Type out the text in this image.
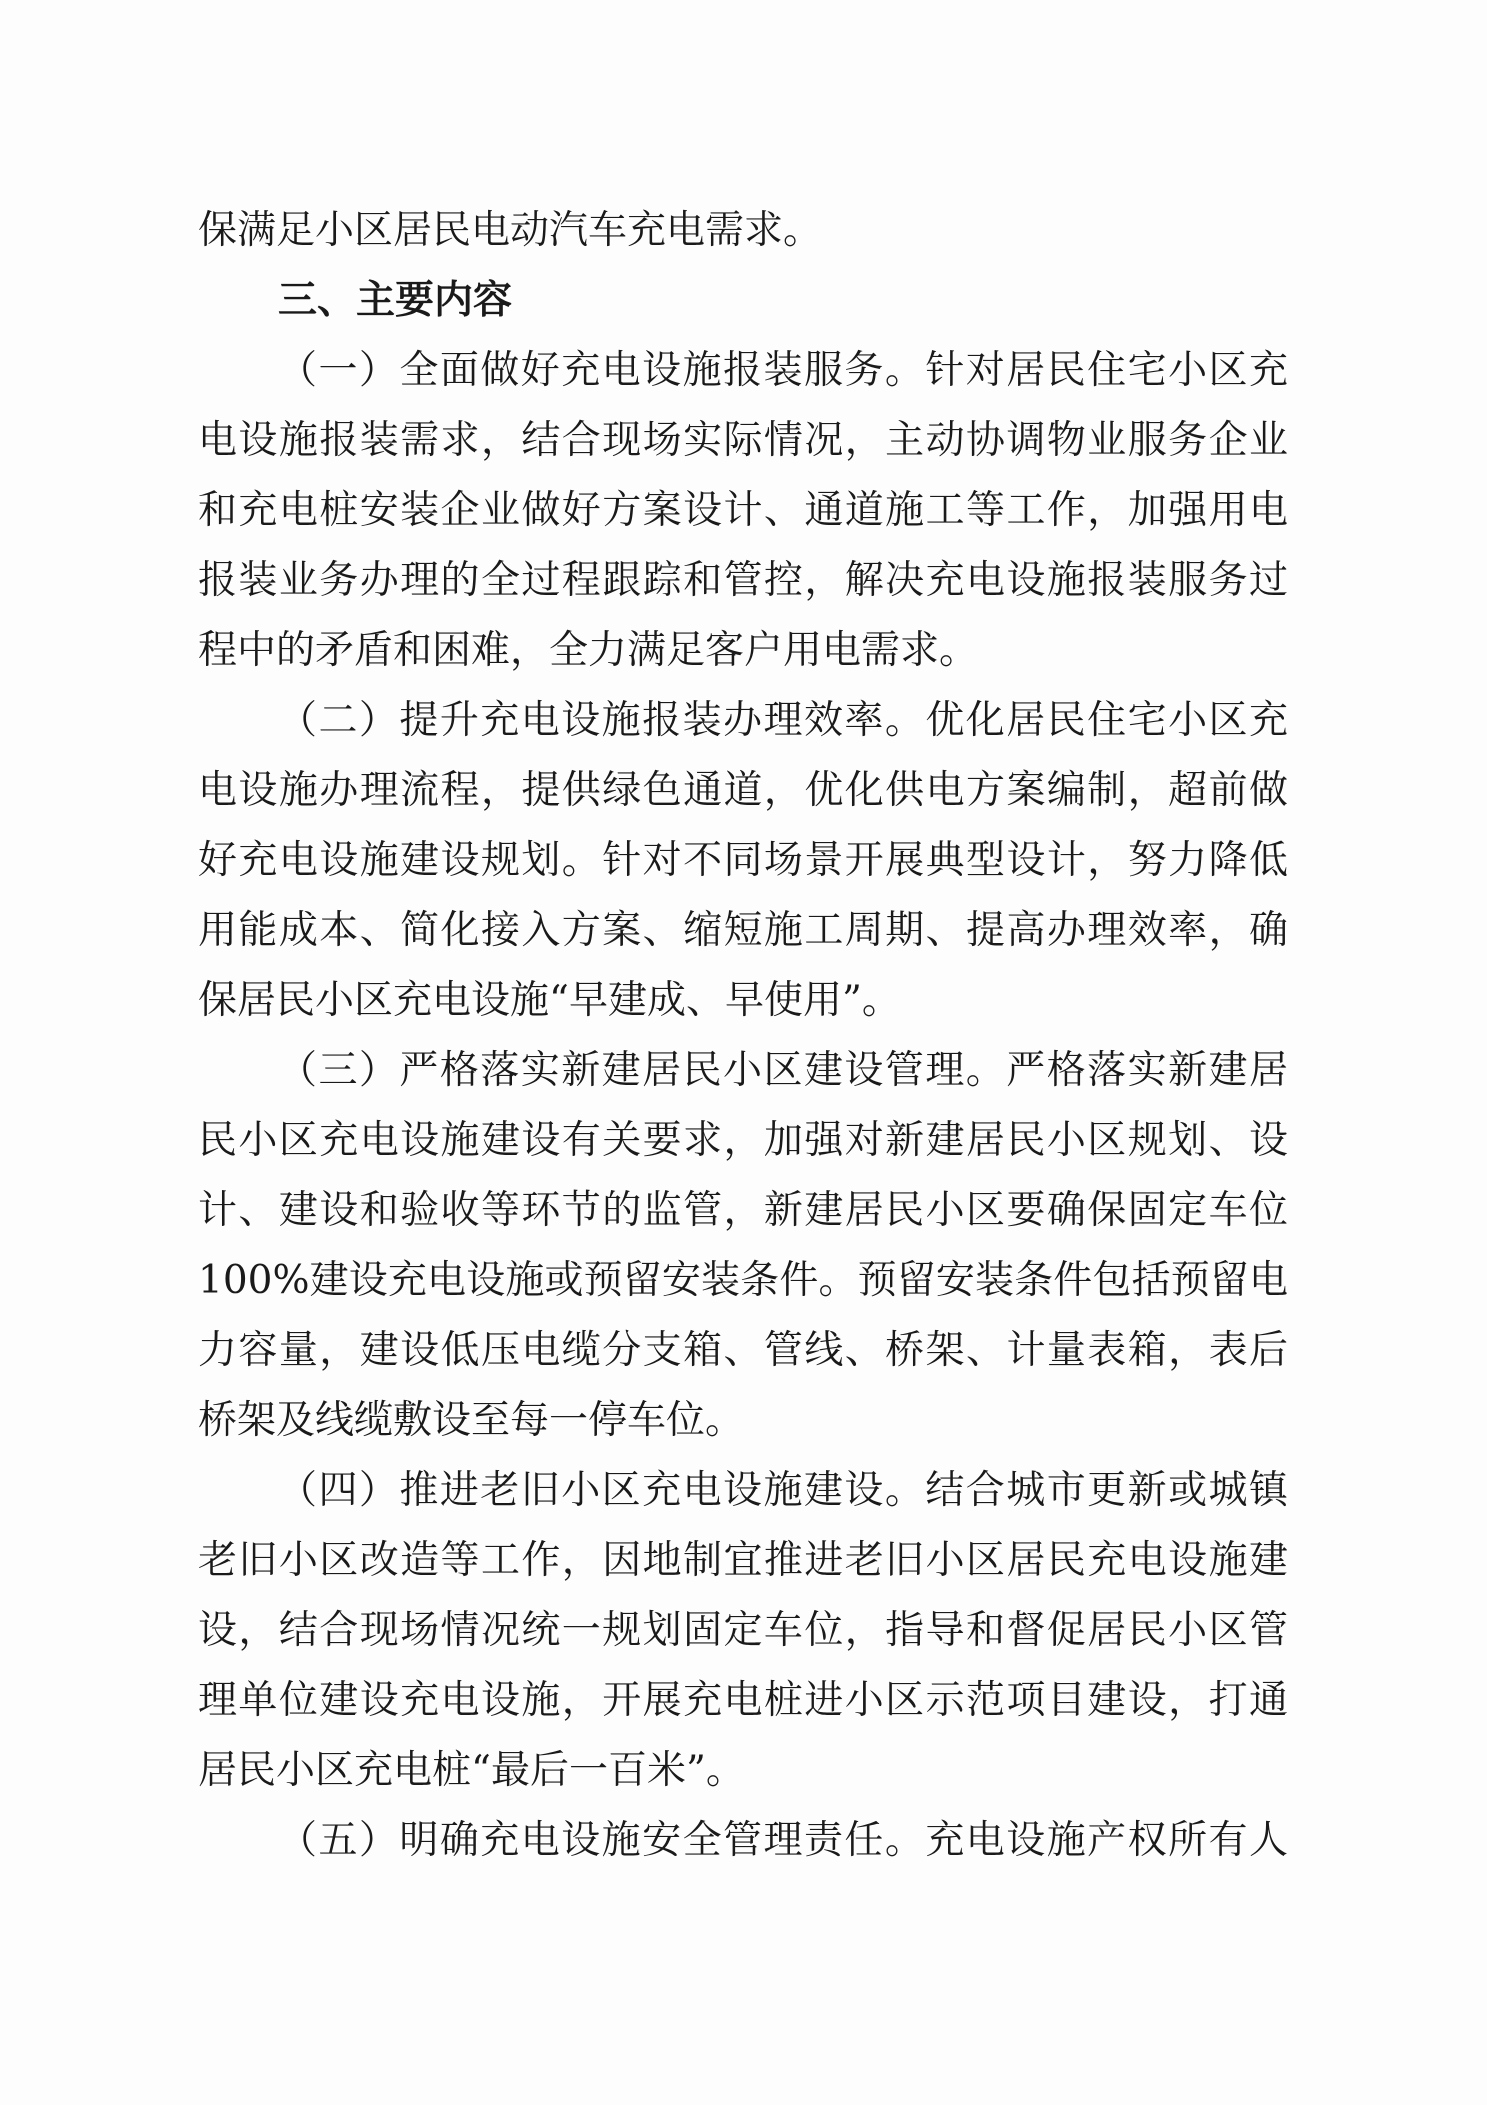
保满足小区居民电动汽车充电需求。
三、主要内容
（一）全面做好充电设施报装服务。针对居民住宅小区充
电设施报装需求，结合现场实际情况，主动协调物业服务企业
和充电桩安装企业做好方案设计、通道施工等工作，加强用电
报装业务办理的全过程跟踪和管控，解决充电设施报装服务过
程中的矛盾和困难，全力满足客户用电需求。
（二）提升充电设施报装办理效率。优化居民住宅小区充
电设施办理流程，提供绿色通道，优化供电方案编制，超前做
好充电设施建设规划。针对不同场景开展典型设计，努力降低
用能成本、简化接入方案、缩短施工周期、提高办理效率，确
保居民小区充电设施“早建成、早使用”。
（三）严格落实新建居民小区建设管理。严格落实新建居
民小区充电设施建设有关要求，加强对新建居民小区规划、设
计、建设和验收等环节的监管，新建居民小区要确保固定车位
100%建设充电设施或预留安装条件。预留安装条件包括预留电
力容量，建设低压电缆分支箱、管线、桥架、计量表箱，表后
桥架及线缆敷设至每一停车位。
（四）推进老旧小区充电设施建设。结合城市更新或城镇
老旧小区改造等工作，因地制宜推进老旧小区居民充电设施建
设，结合现场情况统一规划固定车位，指导和督促居民小区管
理单位建设充电设施，开展充电桩进小区示范项目建设，打通
居民小区充电桩“最后一百米”。
（五）明确充电设施安全管理责任。充电设施产权所有人
